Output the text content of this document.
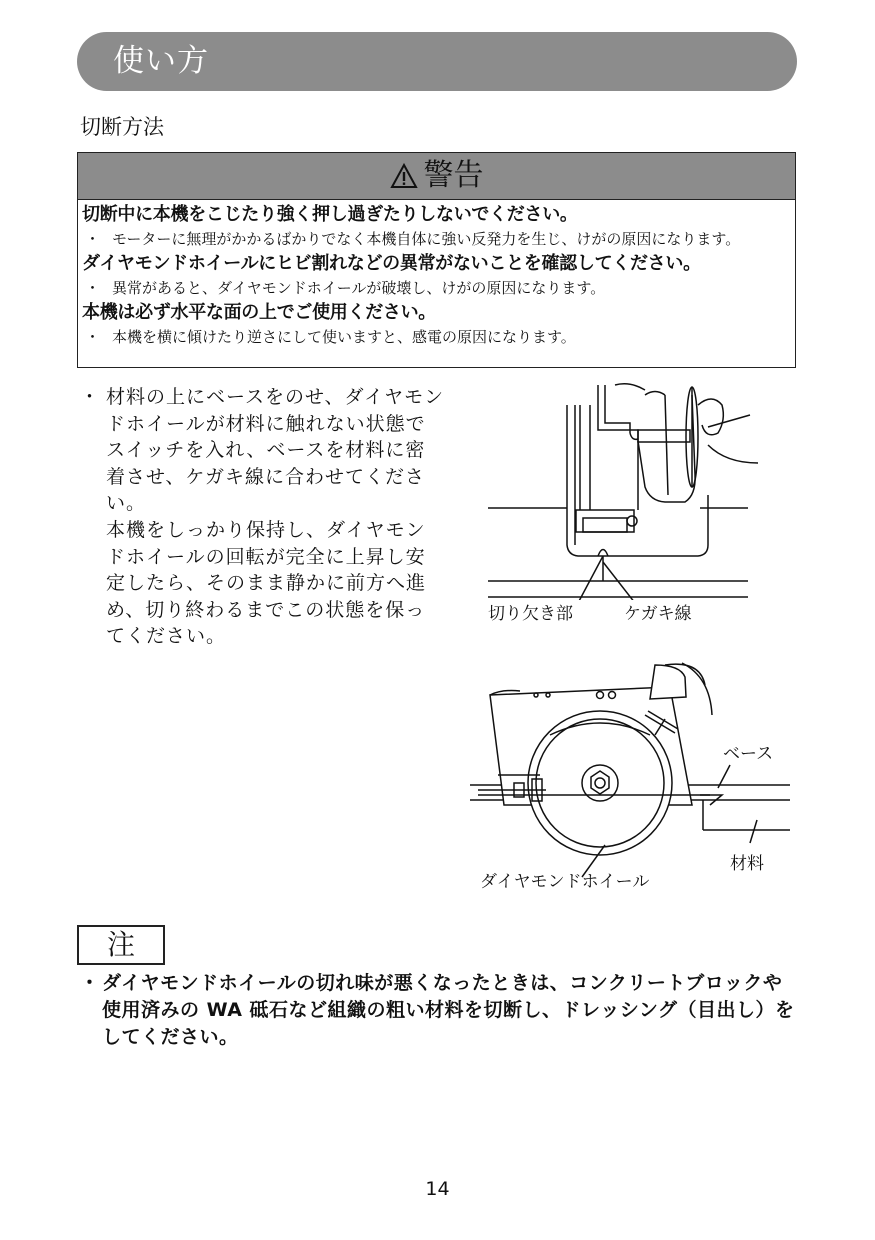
使い方
切断方法
警告
切断中に本機をこじたり強く押し過ぎたりしないでください。
・ モーターに無理がかかるばかりでなく本機自体に強い反発力を生じ、けがの原因になります。
ダイヤモンドホイールにヒビ割れなどの異常がないことを確認してください。
・ 異常があると、ダイヤモンドホイールが破壊し、けがの原因になります。
本機は必ず水平な面の上でご使用ください。
・ 本機を横に傾けたり逆さにして使いますと、感電の原因になります。
・ 材料の上にベースをのせ、ダイヤモンドホイールが材料に触れない状態でスイッチを入れ、ベースを材料に密着させ、ケガキ線に合わせてください。
本機をしっかり保持し、ダイヤモンドホイールの回転が完全に上昇し安定したら、そのまま静かに前方へ進め、切り終わるまでこの状態を保ってください。
切り欠き部	ケガキ線
ベース
材料
ダイヤモンドホイール
注
・ ダイヤモンドホイールの切れ味が悪くなったときは、コンクリートブロックや使用済みの WA 砥石など組織の粗い材料を切断し、ドレッシング（目出し）をしてください。
14
